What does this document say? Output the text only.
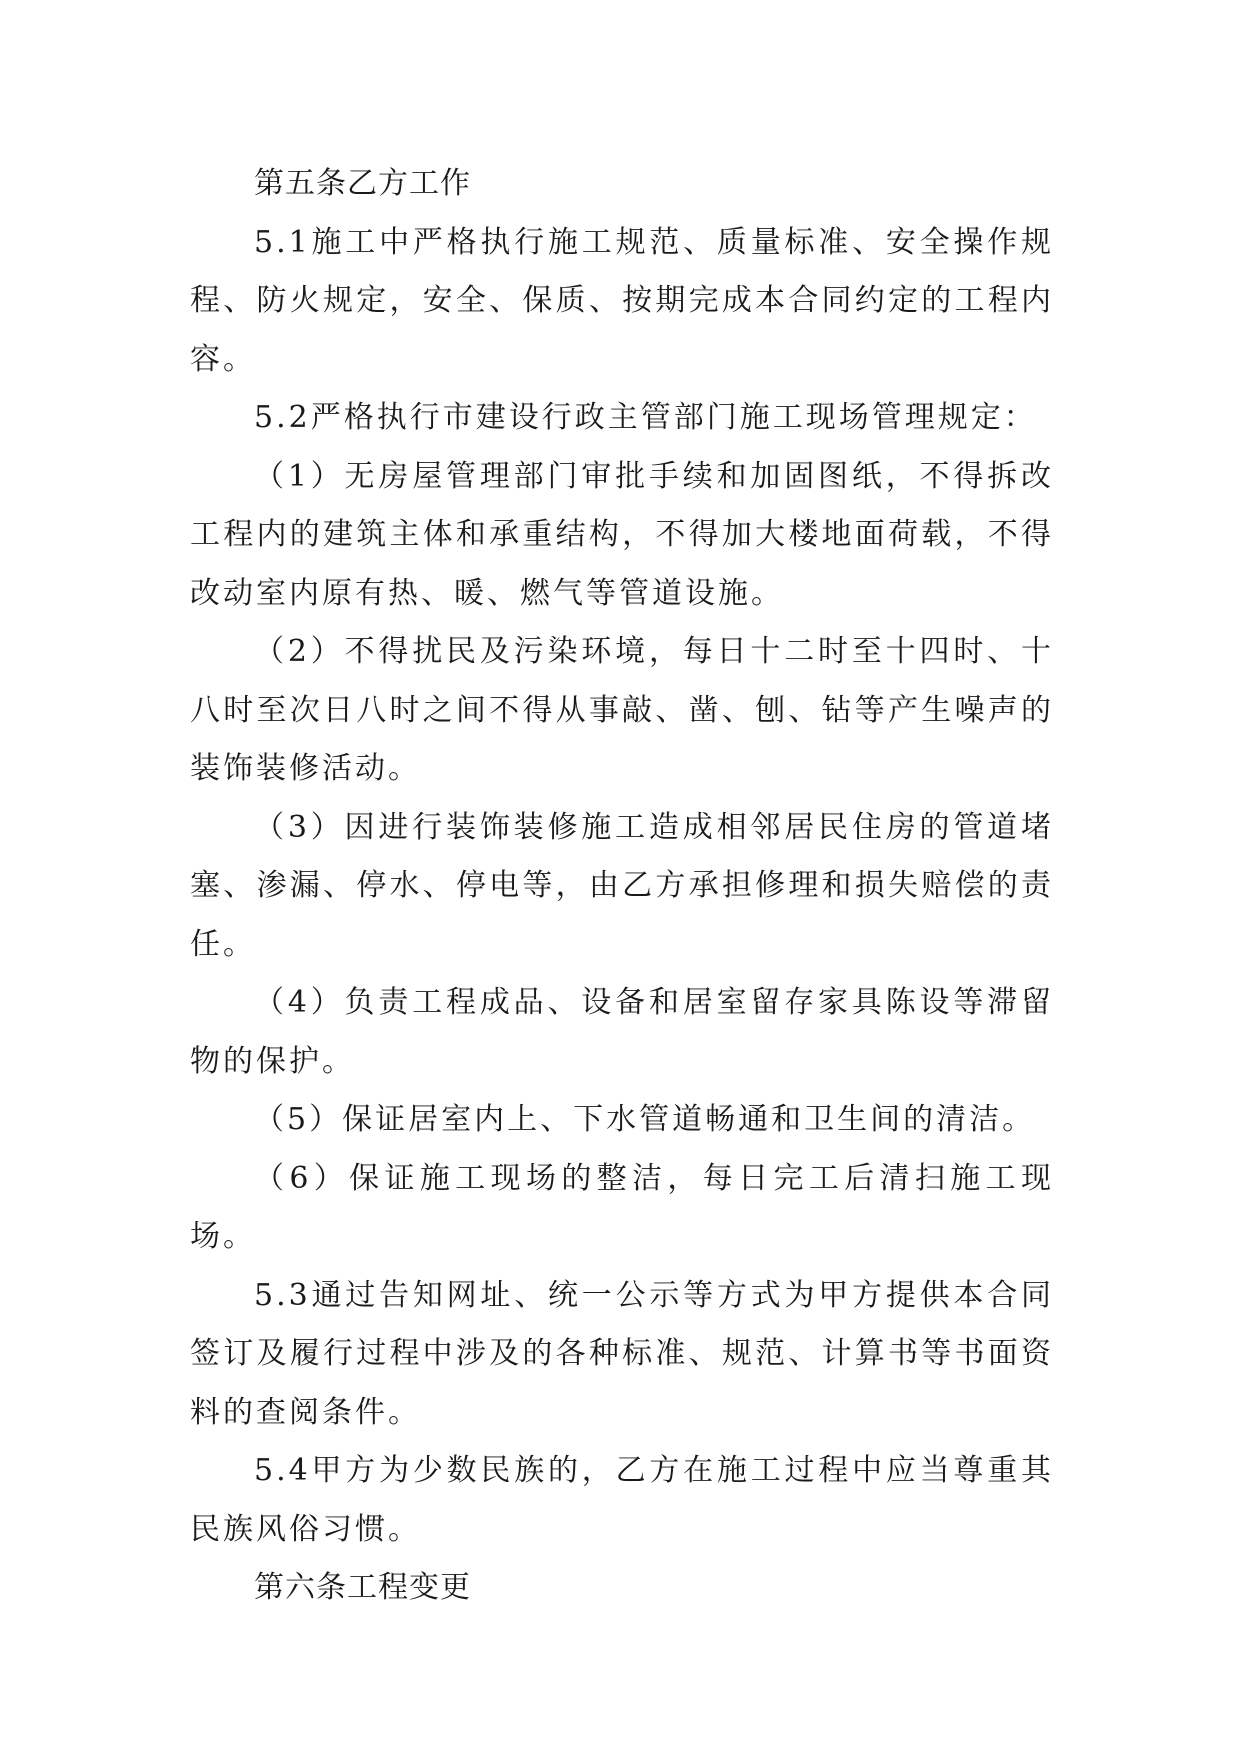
第五条乙方工作

5.1施工中严格执行施工规范、质量标准、安全操作规程、防火规定，安全、保质、按期完成本合同约定的工程内容。

5.2严格执行市建设行政主管部门施工现场管理规定：

（1）无房屋管理部门审批手续和加固图纸，不得拆改工程内的建筑主体和承重结构，不得加大楼地面荷载，不得改动室内原有热、暖、燃气等管道设施。

（2）不得扰民及污染环境，每日十二时至十四时、十八时至次日八时之间不得从事敲、凿、刨、钻等产生噪声的装饰装修活动。

（3）因进行装饰装修施工造成相邻居民住房的管道堵塞、渗漏、停水、停电等，由乙方承担修理和损失赔偿的责任。

（4）负责工程成品、设备和居室留存家具陈设等滞留物的保护。

（5）保证居室内上、下水管道畅通和卫生间的清洁。

（6）保证施工现场的整洁，每日完工后清扫施工现场。

5.3通过告知网址、统一公示等方式为甲方提供本合同签订及履行过程中涉及的各种标准、规范、计算书等书面资料的查阅条件。

5.4甲方为少数民族的，乙方在施工过程中应当尊重其民族风俗习惯。

第六条工程变更
